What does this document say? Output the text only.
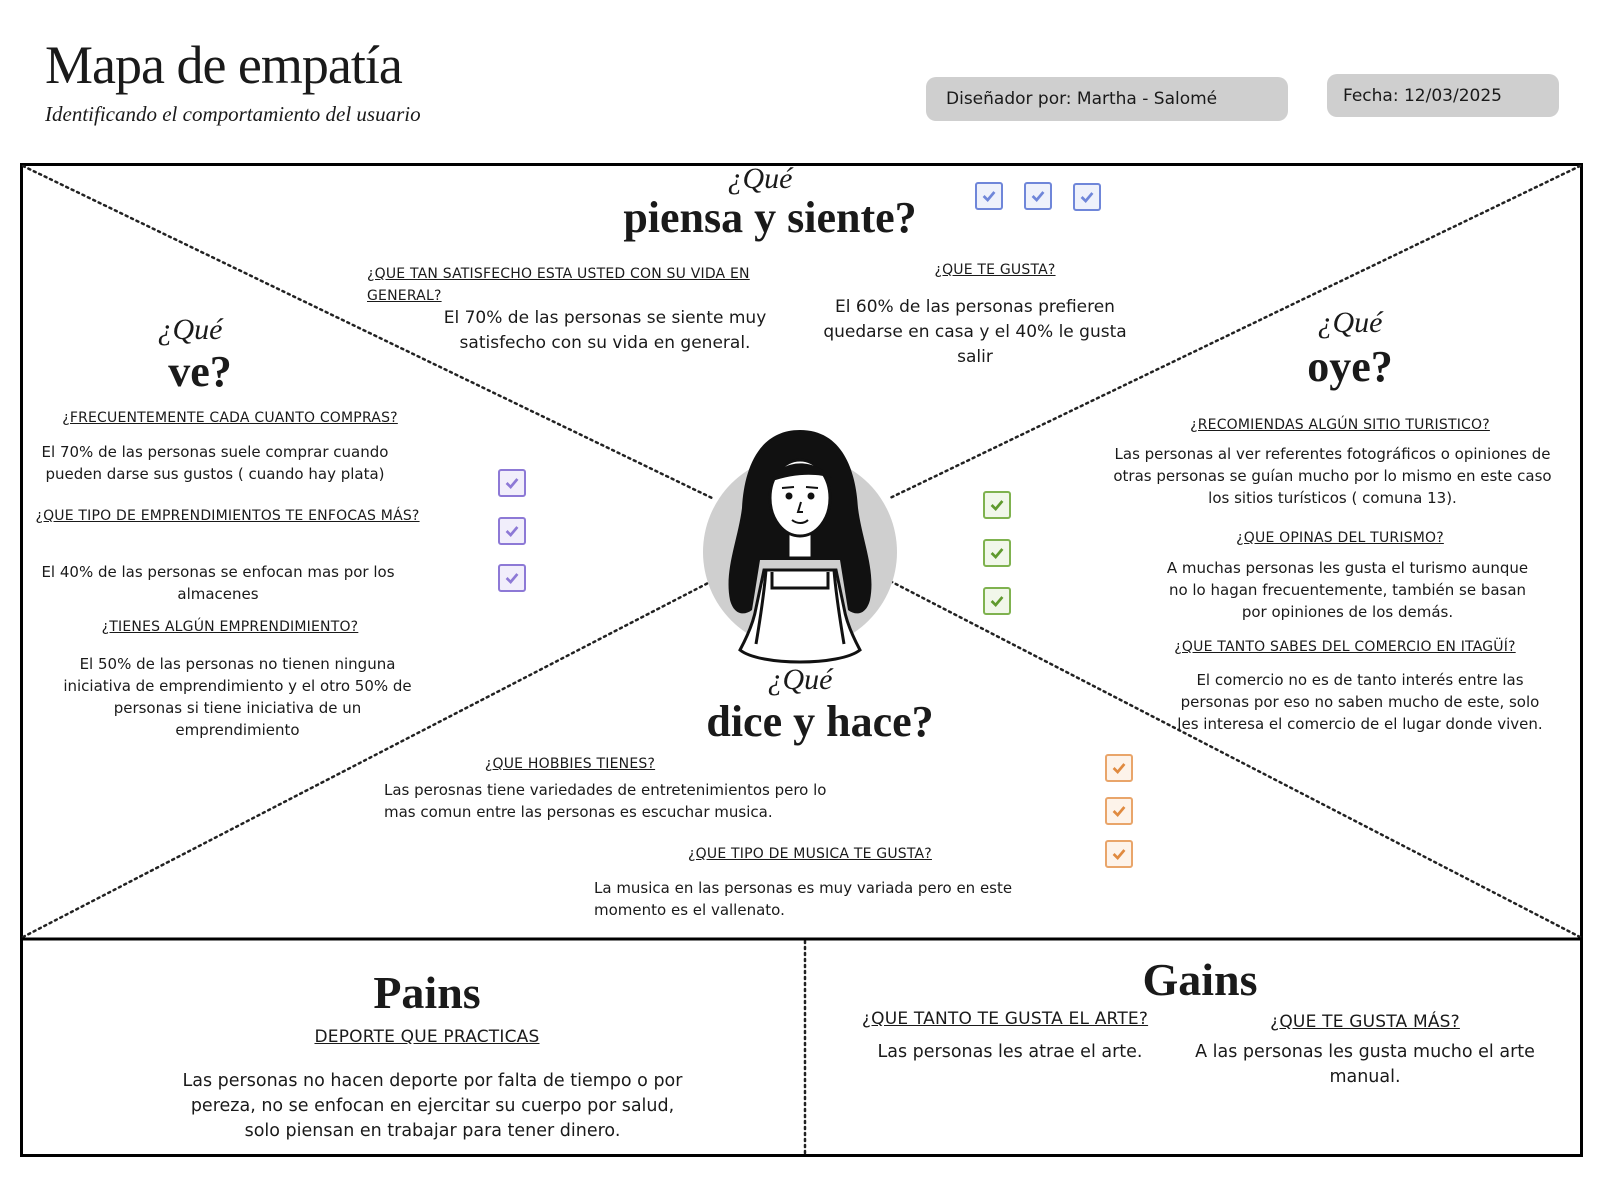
Mapa de empatía
Identificando el comportamiento del usuario
Diseñador por: Martha - Salomé	Fecha: 12/03/2025
¿Qué
piensa y siente?
¿QUE TAN SATISFECHO ESTA USTED CON SU VIDA EN GENERAL?
El 70% de las personas se siente muy satisfecho con su vida en general.
¿QUE TE GUSTA?
El 60% de las personas prefieren quedarse en casa y el 40% le gusta salir
¿Qué
ve?
¿FRECUENTEMENTE CADA CUANTO COMPRAS?
El 70% de las personas suele comprar cuando pueden darse sus gustos ( cuando hay plata)
¿QUE TIPO DE EMPRENDIMIENTOS TE ENFOCAS MÁS?
El 40% de las personas se enfocan mas por los almacenes
¿TIENES ALGÚN EMPRENDIMIENTO?
El 50% de las personas no tienen ninguna iniciativa de emprendimiento y el otro 50% de personas si tiene iniciativa de un emprendimiento
¿Qué
oye?
¿RECOMIENDAS ALGÚN SITIO TURISTICO?
Las personas al ver referentes fotográficos o opiniones de otras personas se guían mucho por lo mismo en este caso los sitios turísticos ( comuna 13).
¿QUE OPINAS DEL TURISMO?
A muchas personas les gusta el turismo aunque no lo hagan frecuentemente, también se basan por opiniones de los demás.
¿QUE TANTO SABES DEL COMERCIO EN ITAGÜÍ?
El comercio no es de tanto interés entre las personas por eso no saben mucho de este, solo les interesa el comercio de el lugar donde viven.
¿Qué
dice y hace?
¿QUE HOBBIES TIENES?
Las perosnas tiene variedades de entretenimientos pero lo mas comun entre las personas es escuchar musica.
¿QUE TIPO DE MUSICA TE GUSTA?
La musica en las personas es muy variada pero en este momento es el vallenato.
Pains
DEPORTE QUE PRACTICAS
Las personas no hacen deporte por falta de tiempo o por pereza, no se enfocan en ejercitar su cuerpo por salud, solo piensan en trabajar para tener dinero.
Gains
¿QUE TANTO TE GUSTA EL ARTE?
Las personas les atrae el arte.
¿QUE TE GUSTA MÁS?
A las personas les gusta mucho el arte manual.
